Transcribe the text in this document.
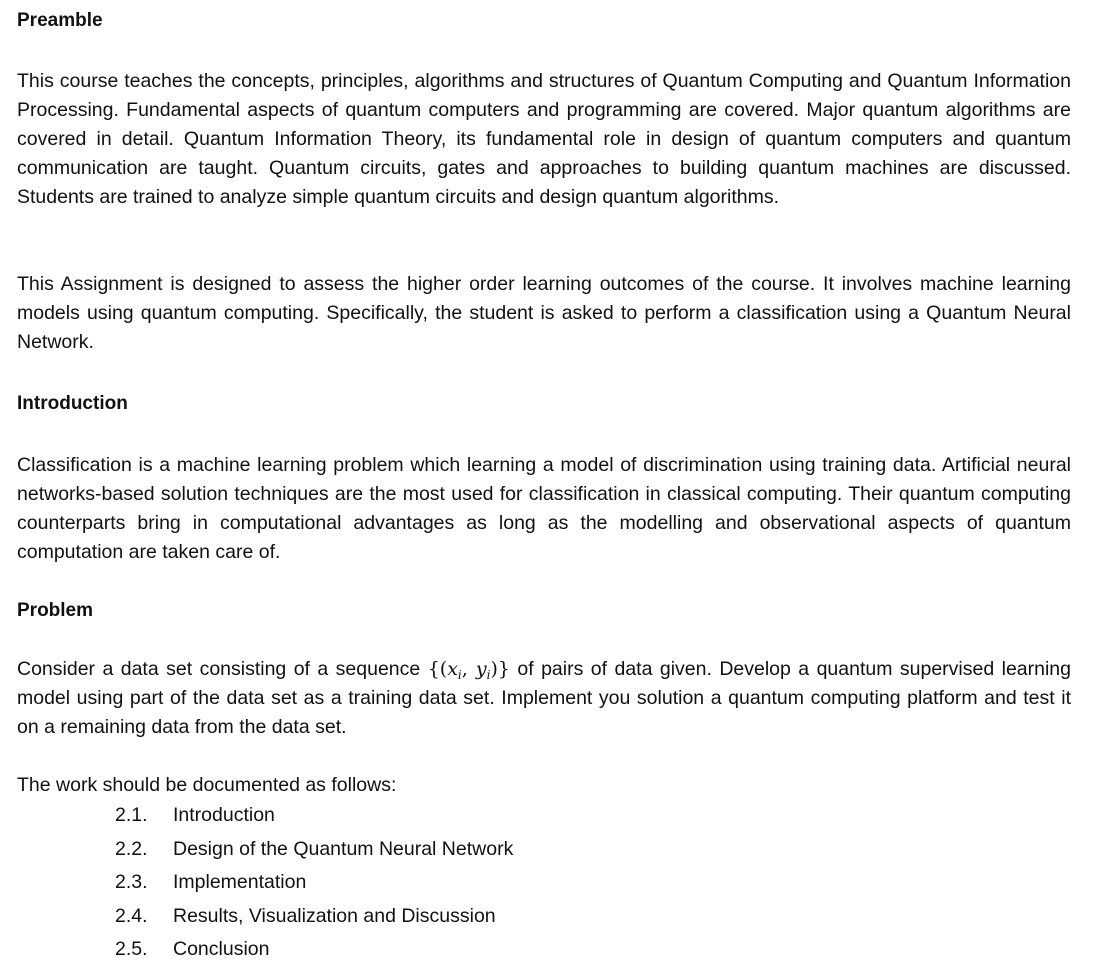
Preamble

This course teaches the concepts, principles, algorithms and structures of Quantum Computing and Quantum Information Processing. Fundamental aspects of quantum computers and programming are covered. Major quantum algorithms are covered in detail. Quantum Information Theory, its fundamental role in design of quantum computers and quantum communication are taught. Quantum circuits, gates and approaches to building quantum machines are discussed. Students are trained to analyze simple quantum circuits and design quantum algorithms.

This Assignment is designed to assess the higher order learning outcomes of the course. It involves machine learning models using quantum computing. Specifically, the student is asked to perform a classification using a Quantum Neural Network.

Introduction

Classification is a machine learning problem which learning a model of discrimination using training data. Artificial neural networks-based solution techniques are the most used for classification in classical computing. Their quantum computing counterparts bring in computational advantages as long as the modelling and observational aspects of quantum computation are taken care of.

Problem

Consider a data set consisting of a sequence {($x_i$, $y_i$)} of pairs of data given. Develop a quantum supervised learning model using part of the data set as a training data set. Implement you solution a quantum computing platform and test it on a remaining data from the data set.

The work should be documented as follows:

2.1. Introduction
2.2. Design of the Quantum Neural Network
2.3. Implementation
2.4. Results, Visualization and Discussion
2.5. Conclusion
